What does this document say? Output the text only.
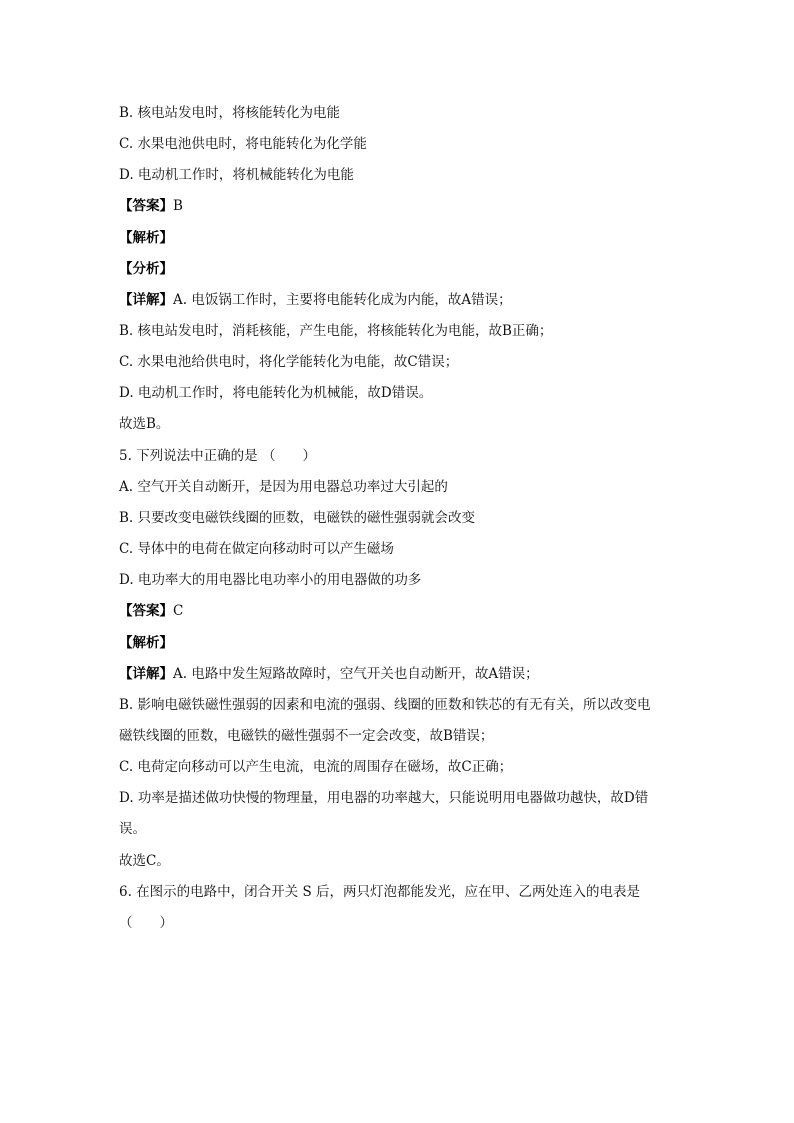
B. 核电站发电时，将核能转化为电能
C. 水果电池供电时，将电能转化为化学能
D. 电动机工作时，将机械能转化为电能
【答案】B
【解析】
【分析】
【详解】A. 电饭锅工作时，主要将电能转化成为内能，故A错误；
B. 核电站发电时，消耗核能，产生电能，将核能转化为电能，故B正确；
C. 水果电池给供电时，将化学能转化为电能，故C错误；
D. 电动机工作时，将电能转化为机械能，故D错误。
故选B。
5. 下列说法中正确的是 （　　）
A. 空气开关自动断开，是因为用电器总功率过大引起的
B. 只要改变电磁铁线圈的匝数，电磁铁的磁性强弱就会改变
C. 导体中的电荷在做定向移动时可以产生磁场
D. 电功率大的用电器比电功率小的用电器做的功多
【答案】C
【解析】
【详解】A. 电路中发生短路故障时，空气开关也自动断开，故A错误；
B. 影响电磁铁磁性强弱的因素和电流的强弱、线圈的匝数和铁芯的有无有关，所以改变电
磁铁线圈的匝数，电磁铁的磁性强弱不一定会改变，故B错误；
C. 电荷定向移动可以产生电流，电流的周围存在磁场，故C正确；
D. 功率是描述做功快慢的物理量，用电器的功率越大，只能说明用电器做功越快，故D错
误。
故选C。
6. 在图示的电路中，闭合开关 S 后，两只灯泡都能发光，应在甲、乙两处连入的电表是
（　　）
